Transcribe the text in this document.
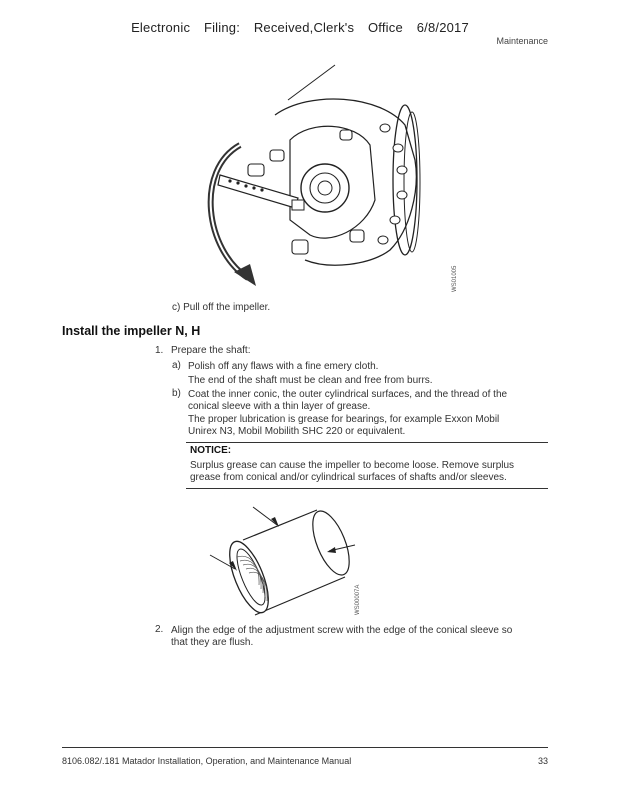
Electronic Filing: Received,Clerk's Office 6/8/2017
Maintenance
WS01005
c) Pull off the impeller.
Install the impeller N, H
1. Prepare the shaft:
a) Polish off any flaws with a fine emery cloth.
The end of the shaft must be clean and free from burrs.
b) Coat the inner conic, the outer cylindrical surfaces, and the thread of the
conical sleeve with a thin layer of grease.
The proper lubrication is grease for bearings, for example Exxon Mobil
Unirex N3, Mobil Mobilith SHC 220 or equivalent.
NOTICE:
Surplus grease can cause the impeller to become loose. Remove surplus
grease from conical and/or cylindrical surfaces of shafts and/or sleeves.
WS00007A
2. Align the edge of the adjustment screw with the edge of the conical sleeve so
that they are flush.
8106.082/.181 Matador Installation, Operation, and Maintenance Manual	33
